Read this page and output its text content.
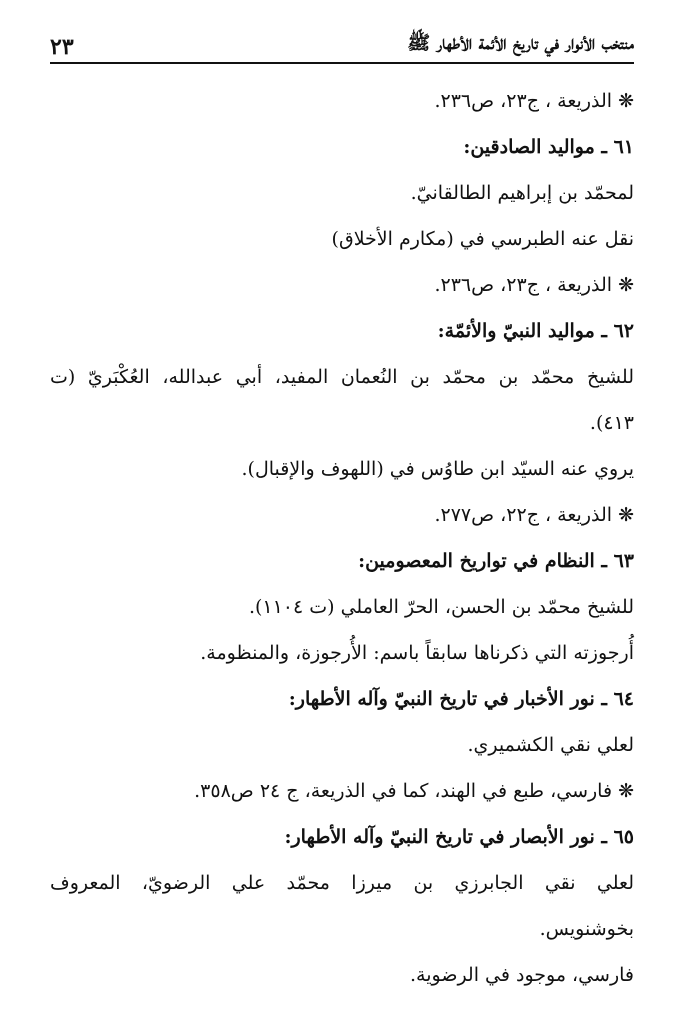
منتخب الأنوار في تاريخ الأئمة الأطهار ﷺ
٢٣
❋ الذريعة ، ج٢٣، ص٢٣٦.
٦١ ـ مواليد الصادقين:
لمحمّد بن إبراهيم الطالقانيّ.
نقل عنه الطبرسي في (مكارم الأخلاق)
❋ الذريعة ، ج٢٣، ص٢٣٦.
٦٢ ـ مواليد النبيّ والأئمّة:
للشيخ محمّد بن محمّد بن النُعمان المفيد، أبي عبدالله، العُكْبَريّ (ت
٤١٣).
يروي عنه السيّد ابن طاوُس في (اللهوف والإقبال).
❋ الذريعة ، ج٢٢، ص٢٧٧.
٦٣ ـ النظام في تواريخ المعصومين:
للشيخ محمّد بن الحسن، الحرّ العاملي (ت ١١٠٤).
أُرجوزته التي ذكرناها سابقاً باسم: الأُرجوزة، والمنظومة.
٦٤ ـ نور الأخبار في تاريخ النبيّ وآله الأطهار:
لعلي نقي الكشميري.
❋ فارسي، طبع في الهند، كما في الذريعة، ج ٢٤ ص٣٥٨.
٦٥ ـ نور الأبصار في تاريخ النبيّ وآله الأطهار:
لعلي نقي الجابرزي بن ميرزا محمّد علي الرضويّ، المعروف
بخوشنويس.
فارسي، موجود في الرضوية.
